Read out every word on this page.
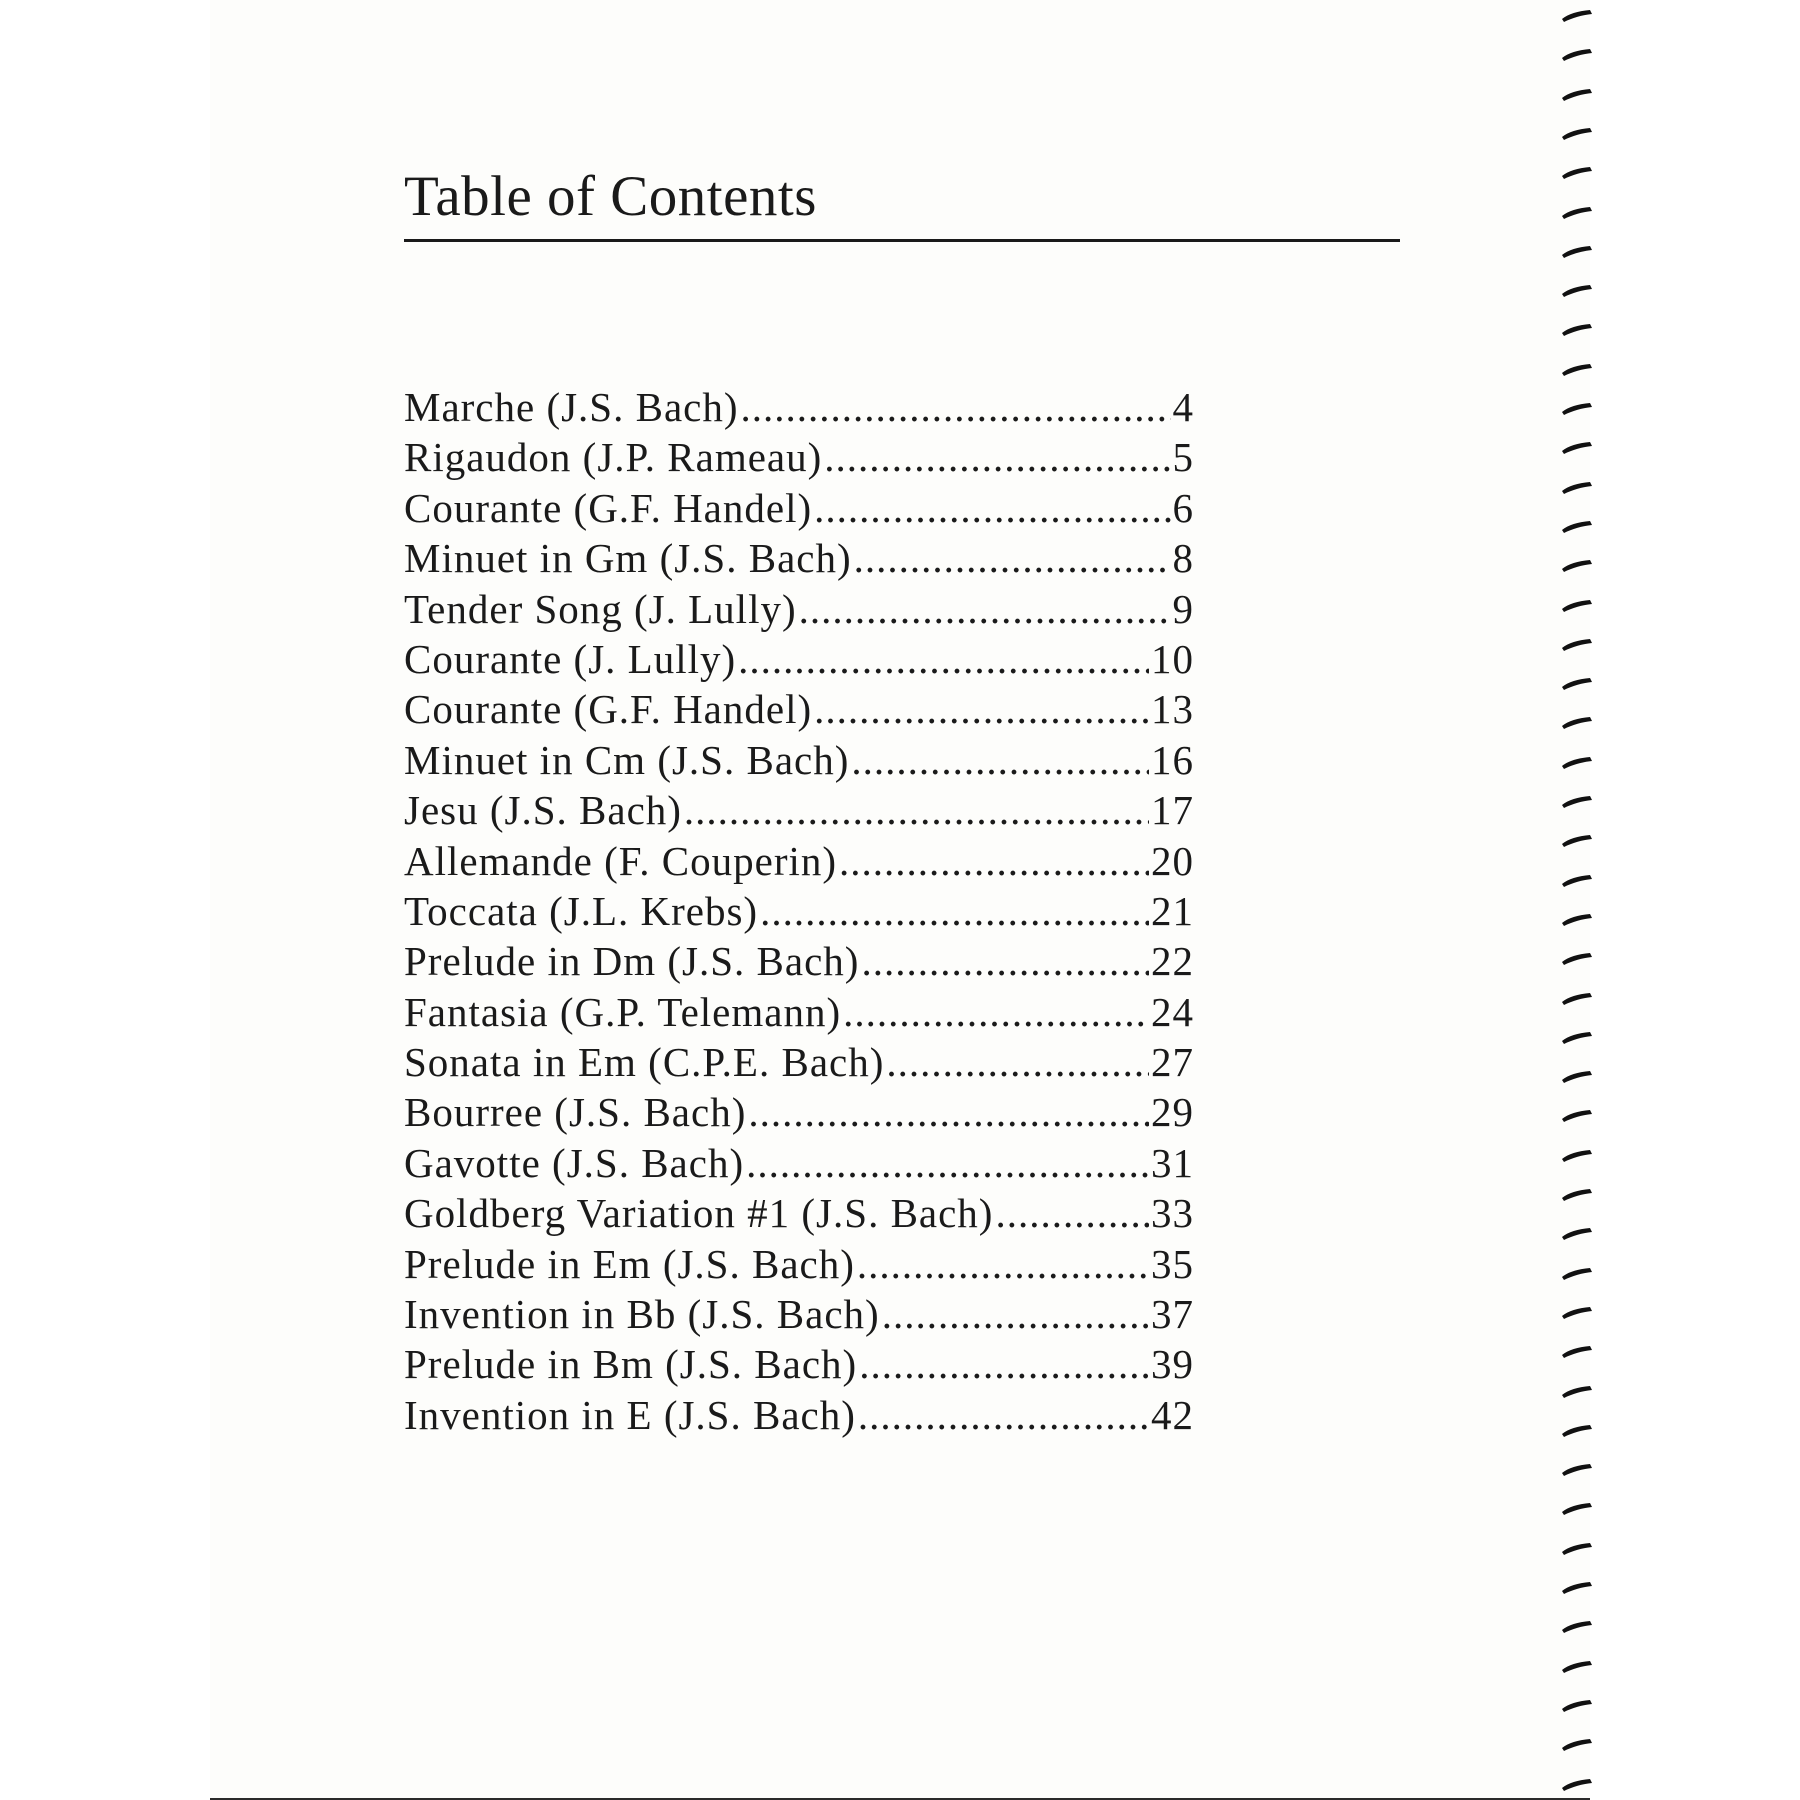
Table of Contents
Marche (J.S. Bach) .....	4
Rigaudon (J.P. Rameau) .....	5
Courante (G.F. Handel) .....	6
Minuet in Gm (J.S. Bach) .....	8
Tender Song (J. Lully) .....	9
Courante (J. Lully) .....	10
Courante (G.F. Handel) .....	13
Minuet in Cm (J.S. Bach) .....	16
Jesu (J.S. Bach) .....	17
Allemande (F. Couperin) .....	20
Toccata (J.L. Krebs) .....	21
Prelude in Dm (J.S. Bach) .....	22
Fantasia (G.P. Telemann) .....	24
Sonata in Em (C.P.E. Bach) .....	27
Bourree (J.S. Bach) .....	29
Gavotte (J.S. Bach) .....	31
Goldberg Variation #1 (J.S. Bach) .....	33
Prelude in Em (J.S. Bach) .....	35
Invention in Bb (J.S. Bach) .....	37
Prelude in Bm (J.S. Bach) .....	39
Invention in E (J.S. Bach) .....	42
